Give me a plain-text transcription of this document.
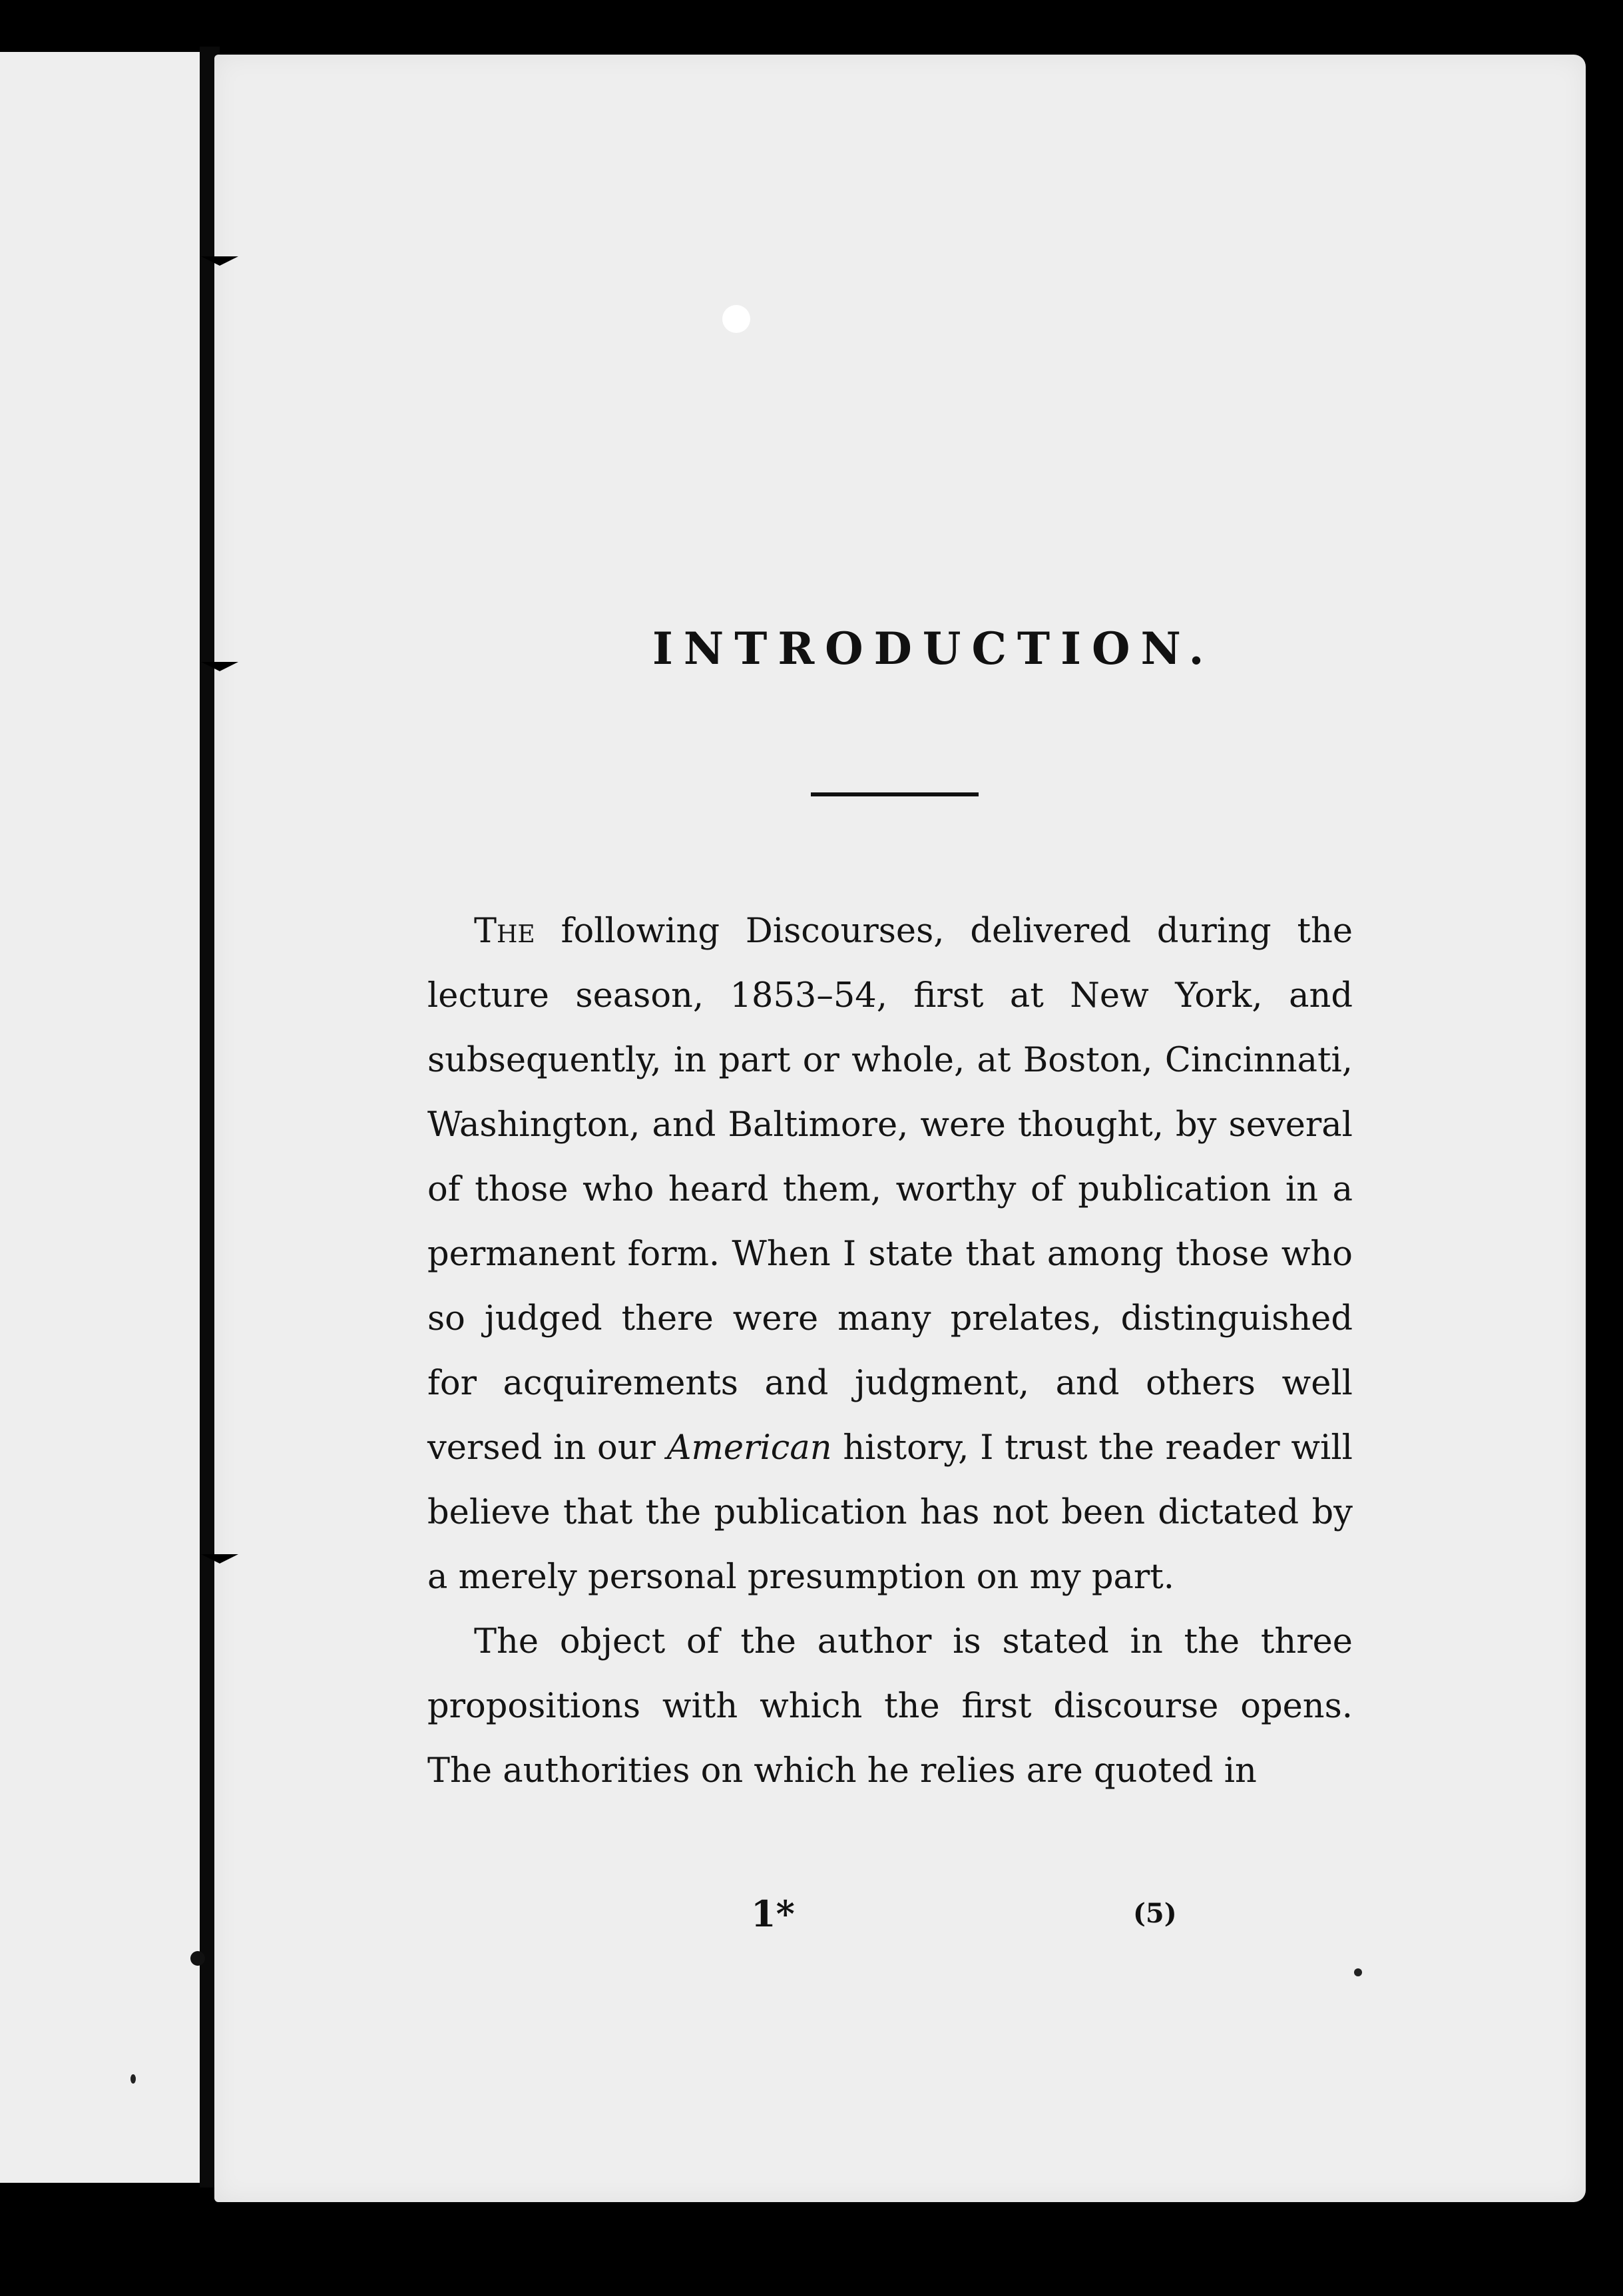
INTRODUCTION.

The following Discourses, delivered during the lecture season, 1853–54, first at New York, and subsequently, in part or whole, at Boston, Cincinnati, Washington, and Baltimore, were thought, by several of those who heard them, worthy of publication in a permanent form. When I state that among those who so judged there were many prelates, distinguished for acquirements and judgment, and others well versed in our American history, I trust the reader will believe that the publication has not been dictated by a merely personal presumption on my part.

The object of the author is stated in the three propositions with which the first discourse opens. The authorities on which he relies are quoted in

1*	(5)
